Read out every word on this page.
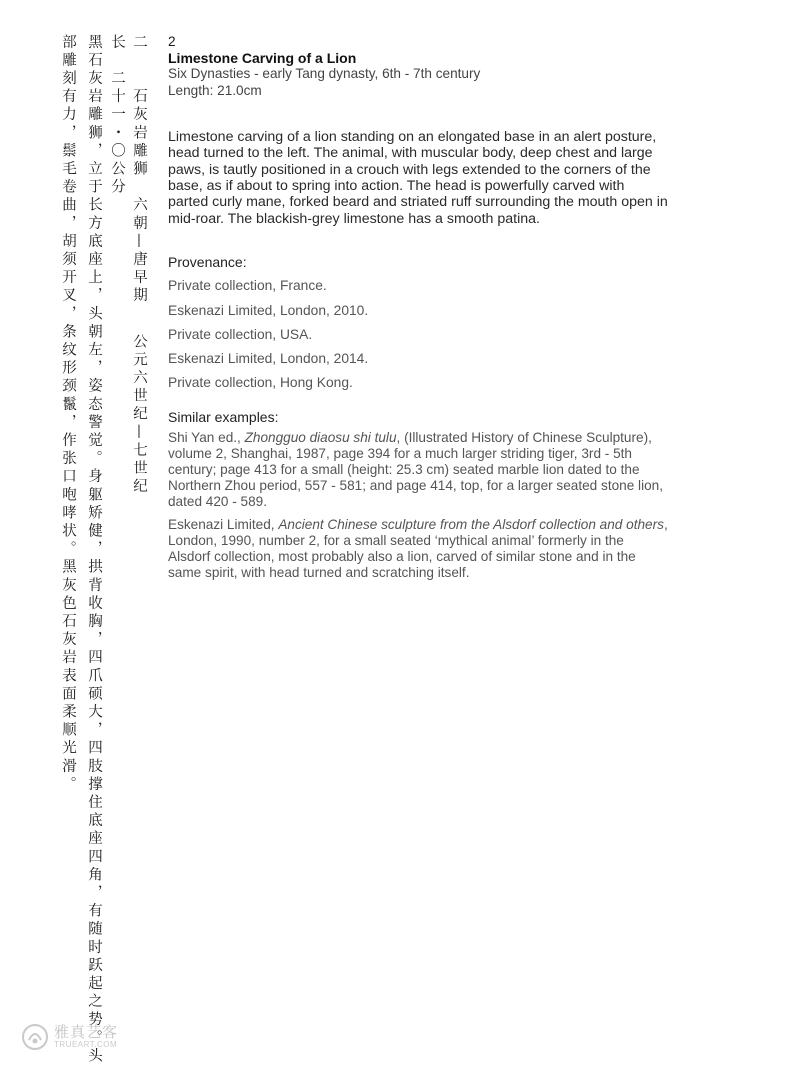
部雕刻有力，鬃毛卷曲，胡须开叉，条纹形颈鬣，作张口咆哮状。黑灰色石灰岩表面柔顺光滑。 黑石灰岩雕狮，立于长方底座上，头朝左，姿态警觉。身躯矫健，拱背收胸，四爪硕大，四肢撑住底座四角，有随时跃起之势。头 长　二十一・〇公分 二　　石灰岩雕狮　六朝—唐早期公元六世纪—七世纪
2
Limestone Carving of a Lion
Six Dynasties - early Tang dynasty, 6th - 7th century
Length: 21.0cm
Limestone carving of a lion standing on an elongated base in an alert posture, head turned to the left. The animal, with muscular body, deep chest and large paws, is tautly positioned in a crouch with legs extended to the corners of the base, as if about to spring into action. The head is powerfully carved with parted curly mane, forked beard and striated ruff surrounding the mouth open in mid-roar. The blackish-grey limestone has a smooth patina.
Provenance:
Private collection, France.
Eskenazi Limited, London, 2010.
Private collection, USA.
Eskenazi Limited, London, 2014.
Private collection, Hong Kong.
Similar examples:
Shi Yan ed., Zhongguo diaosu shi tulu, (Illustrated History of Chinese Sculpture), volume 2, Shanghai, 1987, page 394 for a much larger striding tiger, 3rd - 5th century; page 413 for a small (height: 25.3 cm) seated marble lion dated to the Northern Zhou period, 557 - 581; and page 414, top, for a larger seated stone lion, dated 420 - 589.
Eskenazi Limited, Ancient Chinese sculpture from the Alsdorf collection and others, London, 1990, number 2, for a small seated ‘mythical animal’ formerly in the Alsdorf collection, most probably also a lion, carved of similar stone and in the same spirit, with head turned and scratching itself.
雅真艺客
TRUEART.COM
